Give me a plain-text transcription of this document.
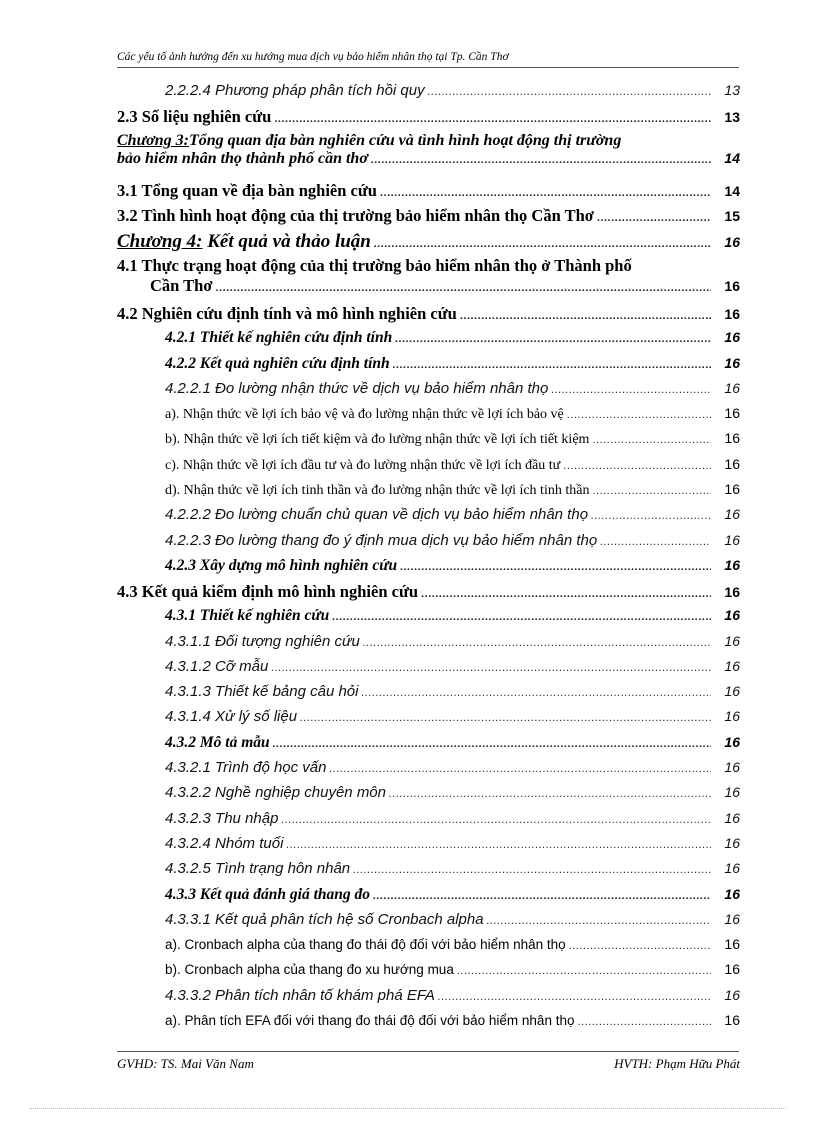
Các yếu tố ảnh hưởng đến xu hướng mua dịch vụ bảo hiểm nhân thọ tại Tp. Cần Thơ
2.2.2.4 Phương pháp phân tích hồi quy .....	13
2.3 Số liệu nghiên cứu .....	13
Chương 3: Tổng quan địa bàn nghiên cứu và tình hình hoạt động thị trường
bảo hiểm nhân thọ thành phố cần thơ .....	14
3.1 Tổng quan về địa bàn nghiên cứu .....	14
3.2 Tình hình hoạt động của thị trường bảo hiểm nhân thọ Cần Thơ .....	15
Chương 4: Kết quả và thảo luận .....	16
4.1 Thực trạng hoạt động của thị trường bảo hiểm nhân thọ ở Thành phố
Cần Thơ .....	16
4.2 Nghiên cứu định tính và mô hình nghiên cứu .....	16
4.2.1 Thiết kế nghiên cứu định tính .....	16
4.2.2 Kết quả nghiên cứu định tính .....	16
4.2.2.1 Đo lường nhận thức về dịch vụ bảo hiểm nhân thọ .....	16
a). Nhận thức về lợi ích bảo vệ và đo lường nhận thức về lợi ích bảo vệ .....	16
b). Nhận thức về lợi ích tiết kiệm và đo lường nhận thức về lợi ích tiết kiệm .....	16
c). Nhận thức về lợi ích đầu tư và đo lường nhận thức về lợi ích đầu tư .....	16
d). Nhận thức về lợi ích tinh thần và đo lường nhận thức về lợi ích tinh thần .....	16
4.2.2.2 Đo lường chuẩn chủ quan về dịch vụ bảo hiểm nhân thọ .....	16
4.2.2.3 Đo lường thang đo ý định mua dịch vụ bảo hiểm nhân thọ .....	16
4.2.3 Xây dựng mô hình nghiên cứu .....	16
4.3 Kết quả kiểm định mô hình nghiên cứu .....	16
4.3.1 Thiết kế nghiên cứu .....	16
4.3.1.1 Đối tượng nghiên cứu .....	16
4.3.1.2 Cỡ mẫu .....	16
4.3.1.3 Thiết kế bảng câu hỏi .....	16
4.3.1.4 Xử lý số liệu .....	16
4.3.2 Mô tả mẫu .....	16
4.3.2.1 Trình độ học vấn .....	16
4.3.2.2 Nghề nghiệp chuyên môn .....	16
4.3.2.3 Thu nhập .....	16
4.3.2.4 Nhóm tuổi .....	16
4.3.2.5 Tình trạng hôn nhân .....	16
4.3.3 Kết quả đánh giá thang đo .....	16
4.3.3.1 Kết quả phân tích hệ số Cronbach alpha .....	16
a). Cronbach alpha của thang đo thái độ đối với bảo hiểm nhân thọ .....	16
b). Cronbach alpha của thang đo xu hướng mua .....	16
4.3.3.2 Phân tích nhân tố khám phá EFA .....	16
a). Phân tích EFA đối với thang đo thái độ đối với bảo hiểm nhân thọ .....	16
GVHD: TS. Mai Văn Nam	HVTH: Phạm Hữu Phát
